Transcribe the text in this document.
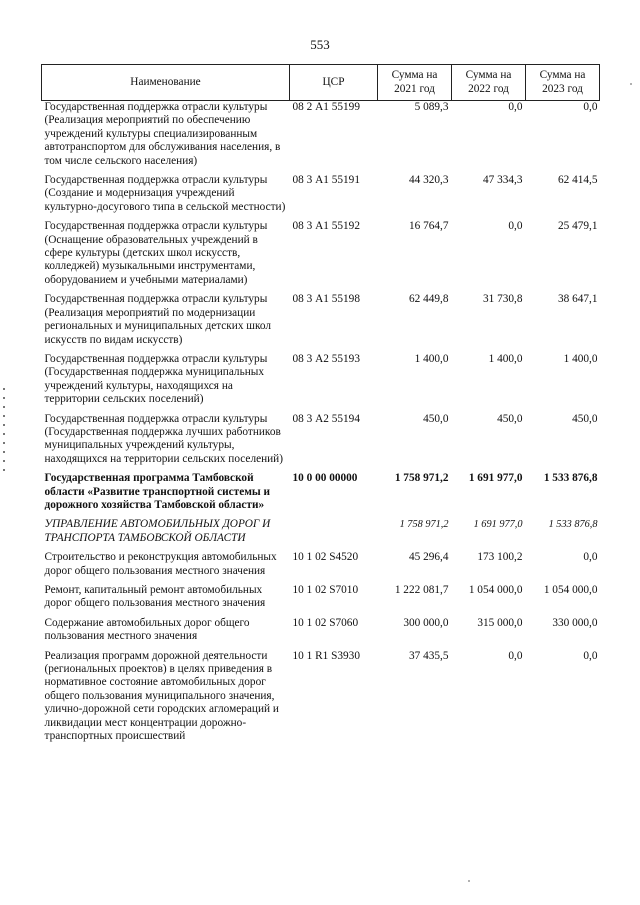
553
Наименование	ЦСР	Сумма на 2021 год	Сумма на 2022 год	Сумма на 2023 год
Государственная поддержка отрасли культуры (Реализация мероприятий по обеспечению учреждений культуры специализированным автотранспортом для обслуживания населения, в том числе сельского населения)	08 2 А1 55199	5 089,3	0,0	0,0
Государственная поддержка отрасли культуры (Создание и модернизация учреждений культурно-досугового типа в сельской местности)	08 3 А1 55191	44 320,3	47 334,3	62 414,5
Государственная поддержка отрасли культуры (Оснащение образовательных учреждений в сфере культуры (детских школ искусств, колледжей) музыкальными инструментами, оборудованием и учебными материалами)	08 3 А1 55192	16 764,7	0,0	25 479,1
Государственная поддержка отрасли культуры (Реализация мероприятий по модернизации региональных и муниципальных детских школ искусств по видам искусств)	08 3 А1 55198	62 449,8	31 730,8	38 647,1
Государственная поддержка отрасли культуры (Государственная поддержка муниципальных учреждений культуры, находящихся на территории сельских поселений)	08 3 А2 55193	1 400,0	1 400,0	1 400,0
Государственная поддержка отрасли культуры (Государственная поддержка лучших работников муниципальных учреждений культуры, находящихся на территории сельских поселений)	08 3 А2 55194	450,0	450,0	450,0
Государственная программа Тамбовской области «Развитие транспортной системы и дорожного хозяйства Тамбовской области»	10 0 00 00000	1 758 971,2	1 691 977,0	1 533 876,8
УПРАВЛЕНИЕ АВТОМОБИЛЬНЫХ ДОРОГ И ТРАНСПОРТА ТАМБОВСКОЙ ОБЛАСТИ		1 758 971,2	1 691 977,0	1 533 876,8
Строительство и реконструкция автомобильных дорог общего пользования местного значения	10 1 02 S4520	45 296,4	173 100,2	0,0
Ремонт, капитальный ремонт автомобильных дорог общего пользования местного значения	10 1 02 S7010	1 222 081,7	1 054 000,0	1 054 000,0
Содержание автомобильных дорог общего пользования местного значения	10 1 02 S7060	300 000,0	315 000,0	330 000,0
Реализация программ дорожной деятельности (региональных проектов) в целях приведения в нормативное состояние автомобильных дорог общего пользования муниципального значения, улично-дорожной сети городских агломераций и ликвидации мест концентрации дорожно-транспортных происшествий	10 1 R1 S3930	37 435,5	0,0	0,0
